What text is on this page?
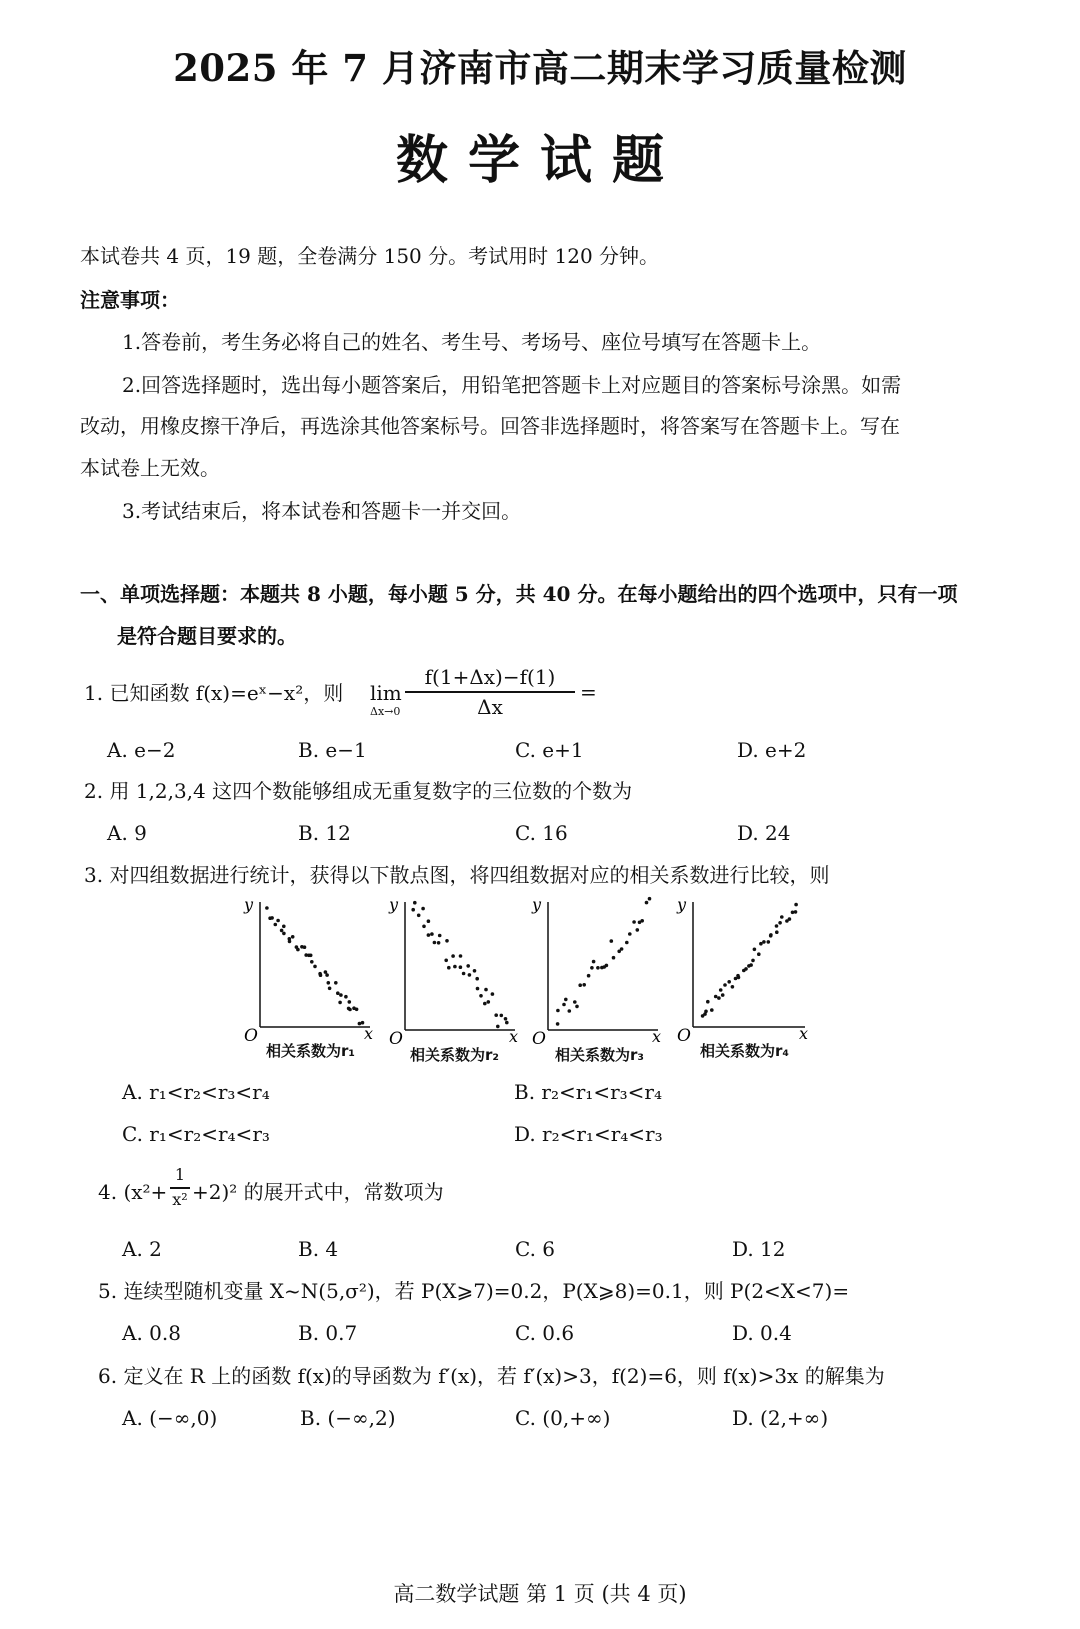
2025 年 7 月济南市高二期末学习质量检测
数学试题
本试卷共 4 页，19 题，全卷满分 150 分。考试用时 120 分钟。
注意事项：
1.答卷前，考生务必将自己的姓名、考生号、考场号、座位号填写在答题卡上。
2.回答选择题时，选出每小题答案后，用铅笔把答题卡上对应题目的答案标号涂黑。如需
改动，用橡皮擦干净后，再选涂其他答案标号。回答非选择题时，将答案写在答题卡上。写在
本试卷上无效。
3.考试结束后，将本试卷和答题卡一并交回。
一、单项选择题：本题共 8 小题，每小题 5 分，共 40 分。在每小题给出的四个选项中，只有一项
是符合题目要求的。
1. 已知函数 f(x)=eˣ−x²，则 lim
Δx→0
f(1+Δx)−f(1)
Δx
=
A. e−2	B. e−1	C. e+1	D. e+2
2. 用 1,2,3,4 这四个数能够组成无重复数字的三位数的个数为
A. 9	B. 12	C. 16	D. 24
3. 对四组数据进行统计，获得以下散点图，将四组数据对应的相关系数进行比较，则
y
x
O
y
x
O
y
x
O
y
x
O
相关系数为r₁	相关系数为r₂	相关系数为r₃	相关系数为r₄
A. r₁<r₂<r₃<r₄	B. r₂<r₁<r₃<r₄
C. r₁<r₂<r₄<r₃	D. r₂<r₁<r₄<r₃
4. (x²+
1
x² +2)² 的展开式中，常数项为
A. 2	B. 4	C. 6	D. 12
5. 连续型随机变量 X~N(5,σ²)，若 P(X⩾7)=0.2，P(X⩾8)=0.1，则 P(2<X<7)=
A. 0.8	B. 0.7	C. 0.6	D. 0.4
6. 定义在 R 上的函数 f(x)的导函数为 f′(x)，若 f′(x)>3，f(2)=6，则 f(x)>3x 的解集为
A. (−∞,0)	B. (−∞,2)	C. (0,+∞)	D. (2,+∞)
高二数学试题 第 1 页 (共 4 页)
